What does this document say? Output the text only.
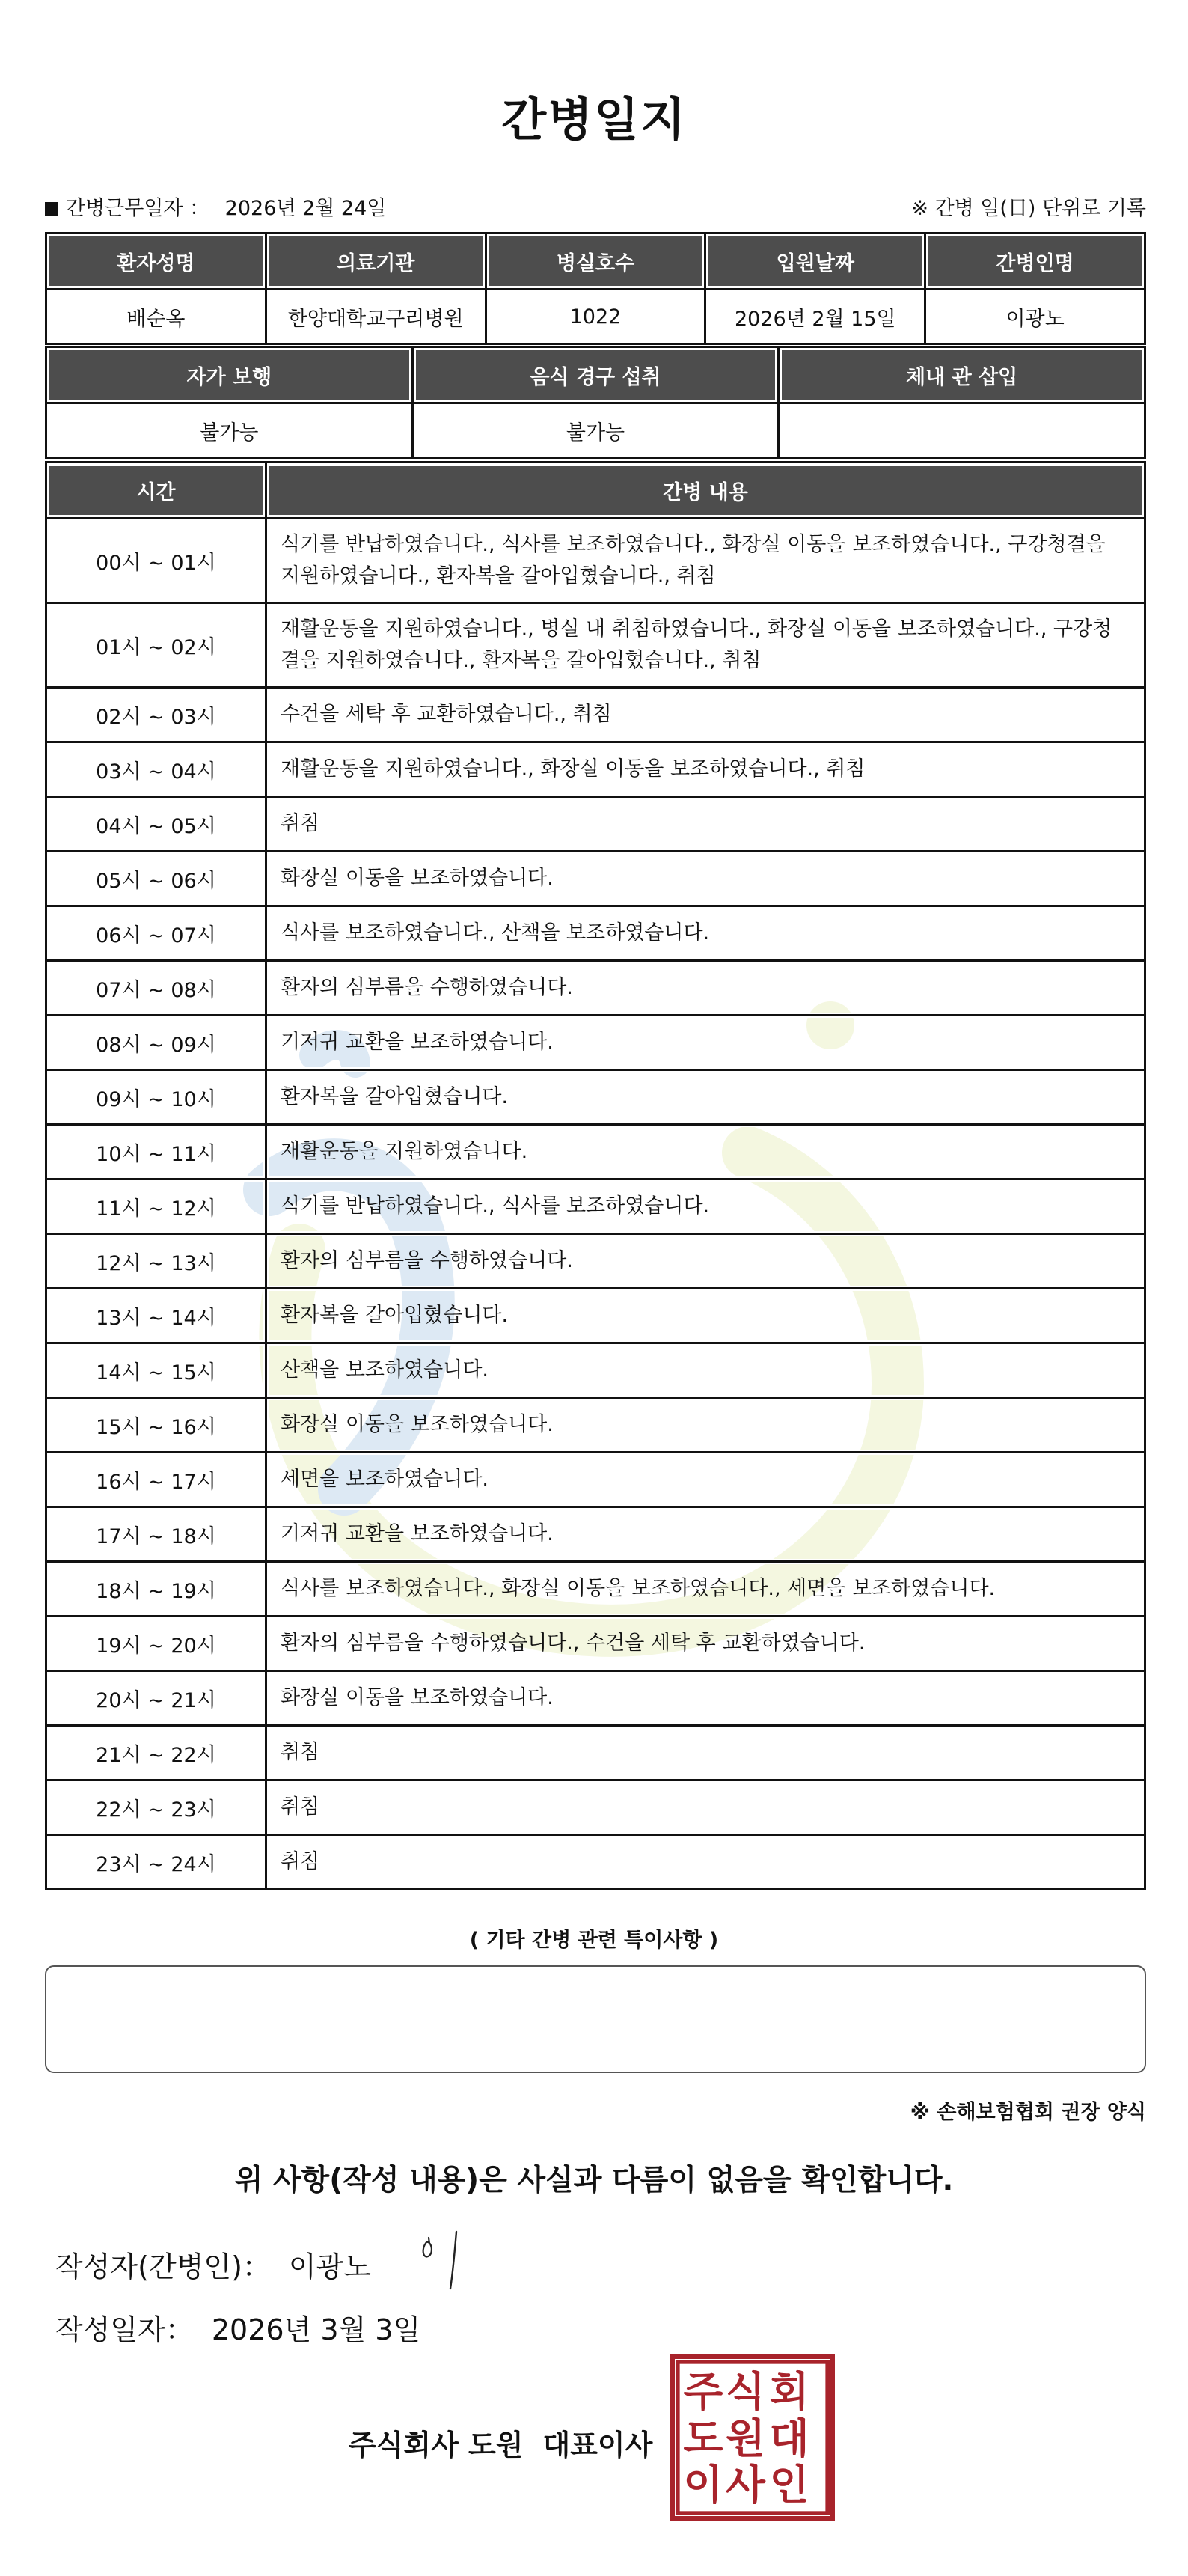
간병일지
간병근무일자 ： 2026년 2월 24일	※ 간병 일(日) 단위로 기록
환자성명	의료기관	병실호수	입원날짜	간병인명
배순옥	한양대학교구리병원	1022	2026년 2월 15일	이광노
자가 보행	음식 경구 섭취	체내 관 삽입
불가능	불가능	
시간	간병 내용
00시 ~ 01시	식기를 반납하였습니다., 식사를 보조하였습니다., 화장실 이동을 보조하였습니다., 구강청결을 지원하였습니다., 환자복을 갈아입혔습니다., 취침
01시 ~ 02시	재활운동을 지원하였습니다., 병실 내 취침하였습니다., 화장실 이동을 보조하였습니다., 구강청결을 지원하였습니다., 환자복을 갈아입혔습니다., 취침
02시 ~ 03시	수건을 세탁 후 교환하였습니다., 취침
03시 ~ 04시	재활운동을 지원하였습니다., 화장실 이동을 보조하였습니다., 취침
04시 ~ 05시	취침
05시 ~ 06시	화장실 이동을 보조하였습니다.
06시 ~ 07시	식사를 보조하였습니다., 산책을 보조하였습니다.
07시 ~ 08시	환자의 심부름을 수행하였습니다.
08시 ~ 09시	기저귀 교환을 보조하였습니다.
09시 ~ 10시	환자복을 갈아입혔습니다.
10시 ~ 11시	재활운동을 지원하였습니다.
11시 ~ 12시	식기를 반납하였습니다., 식사를 보조하였습니다.
12시 ~ 13시	환자의 심부름을 수행하였습니다.
13시 ~ 14시	환자복을 갈아입혔습니다.
14시 ~ 15시	산책을 보조하였습니다.
15시 ~ 16시	화장실 이동을 보조하였습니다.
16시 ~ 17시	세면을 보조하였습니다.
17시 ~ 18시	기저귀 교환을 보조하였습니다.
18시 ~ 19시	식사를 보조하였습니다., 화장실 이동을 보조하였습니다., 세면을 보조하였습니다.
19시 ~ 20시	환자의 심부름을 수행하였습니다., 수건을 세탁 후 교환하였습니다.
20시 ~ 21시	화장실 이동을 보조하였습니다.
21시 ~ 22시	취침
22시 ~ 23시	취침
23시 ~ 24시	취침
( 기타 간병 관련 특이사항 )
※ 손해보험협회 권장 양식
위 사항(작성 내용)은 사실과 다름이 없음을 확인합니다.
작성자(간병인)： 이광노
작성일자： 2026년 3월 3일
주식회사 도원 대표이사
주 식 회
도 원 대
이 사 인
